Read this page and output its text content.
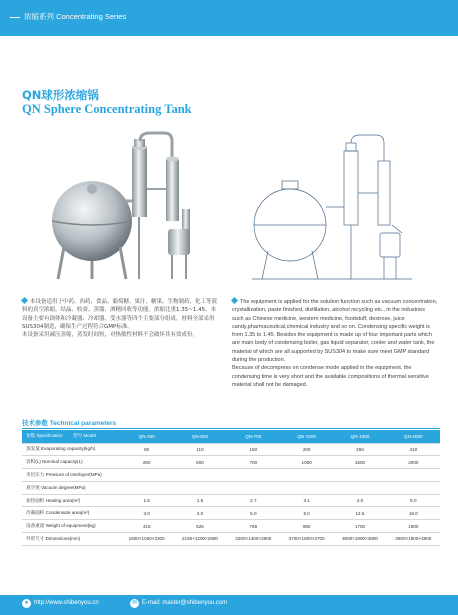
浓缩系列 Concentrating Series
QN球形浓缩锅
QN Sphere Concentrating Tank

本设备适用于中药、西药、食品、葡萄糖、果汁、糖果、生物制药、化工等液料的真空浓缩、结晶、收膏、蒸馏、酒精回收等功能。浓缩比重1.35~1.45。本设备主要有锅体和冷凝器、冷却器、受水器等四个主要部分组成，材料全部采用SUS304制造，确保生产过程符合GMP标准。

本设备采用减压蒸缩，蒸发时间短，对热敏性材料不会破坏其有效成份。

The equipment is applied for the solution function such as vacuum concentration, crystallization, paste finished, distillation, alcohol recycling etc., in the industries such as Chinese medicine, western medicine, foodstuff, dextrose, juice candy,pharmaceutical,chemical industry and so on. Condensing specific weight is from 1.35 to 1.45. Besides the equipment is made up of four important parts which are main body of condensing boiler, gas liquid separator, cooler and water tank, the material of which are all supported by SUS304 to make sure meet GMP standard during the production.

Because of decompress on condense mode applied in the equipment, the condensing time is very short and the available compositions of thermal sensitive material shall not be damaged.

技术参数 Technical parameters
参数 Specification 型号 Model	QN-350	QN-500	QN-700	QN-1000	QN-1500	QN-2000
蒸发量 Evaporating capacity(kg/h)	80	110	150	200	250	410
容积(L) Nominal capacity(L)	260	500	700	1000	1500	2000
夹层压力 Pressure of interlayer(MPa)						
真空度 Vacuum degree(MPa)						
加热面积 Heating area(m²)	1.6	1.5	2.7	3.1	4.0	5.0
冷凝面积 Condensate area(m²)	3.0	4.0	5.0	6.0	12.5	18.0
设备重量 Weight of equipment(kg)	415	625	768	980	1700	1900
外形尺寸 Dimensions(mm)	1600×1030×2300	2150×1200×2900	3200×1400×2800	3700×1600×3700	3600×1800×4800	3600×1800×4800
● http://www.shibenyou.cn	✉ E-mail: master@shibenyou.com
